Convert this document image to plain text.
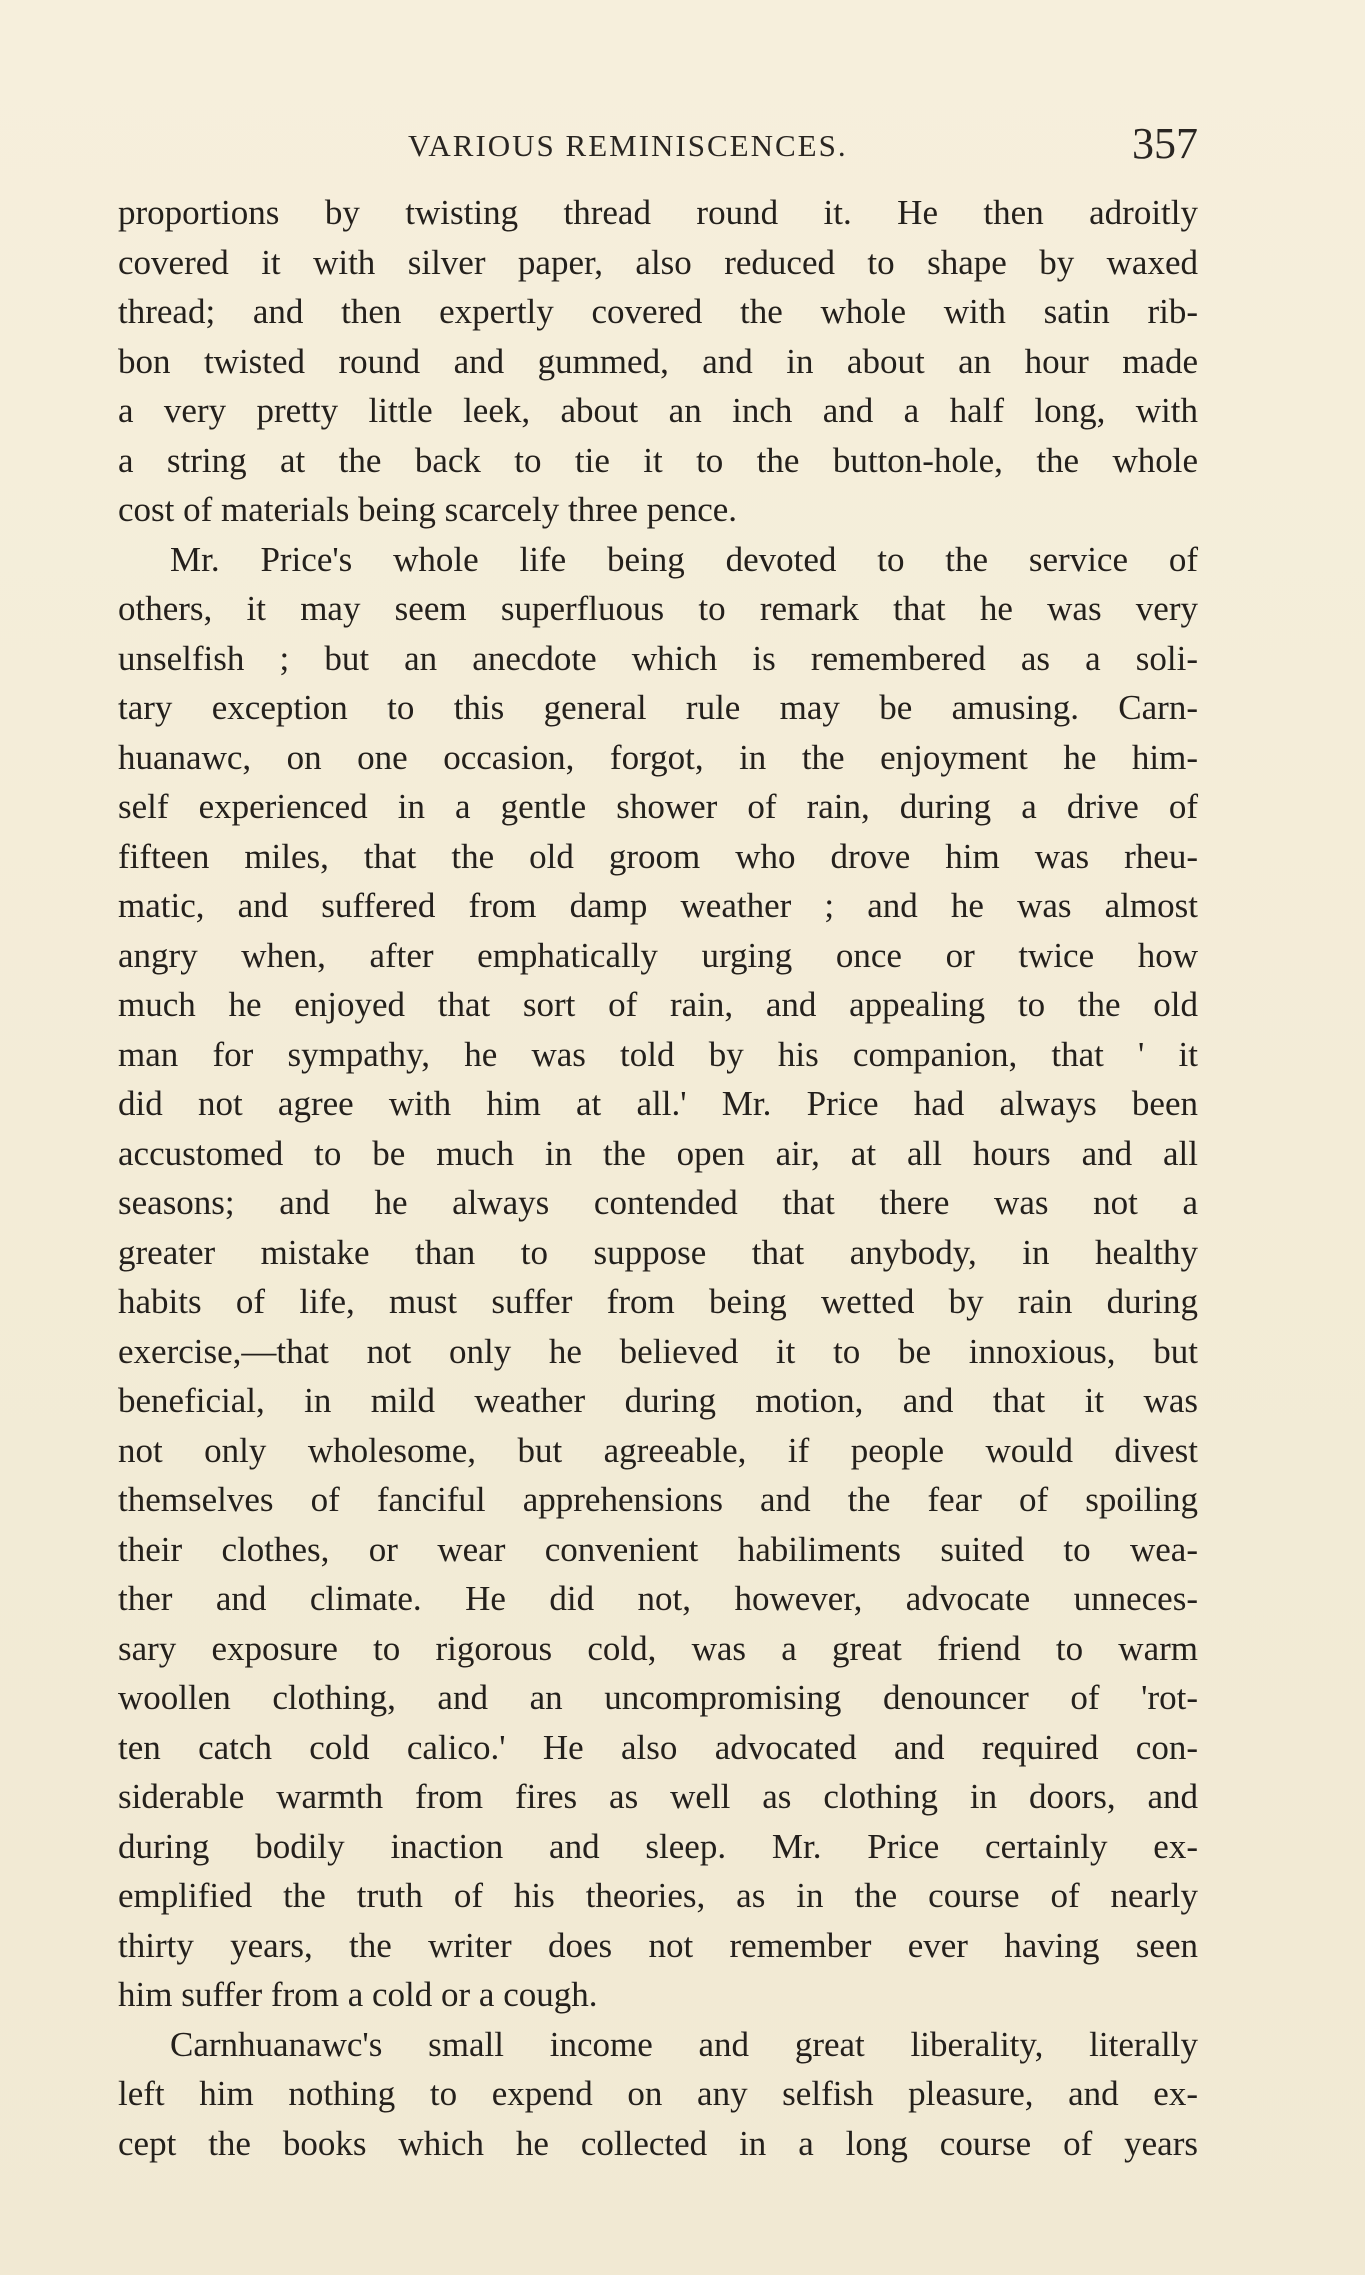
VARIOUS REMINISCENCES.	357
proportions by twisting thread round it. He then adroitly
covered it with silver paper, also reduced to shape by waxed
thread; and then expertly covered the whole with satin rib-
bon twisted round and gummed, and in about an hour made
a very pretty little leek, about an inch and a half long, with
a string at the back to tie it to the button-hole, the whole
cost of materials being scarcely three pence.
Mr. Price's whole life being devoted to the service of
others, it may seem superfluous to remark that he was very
unselfish ; but an anecdote which is remembered as a soli-
tary exception to this general rule may be amusing. Carn-
huanawc, on one occasion, forgot, in the enjoyment he him-
self experienced in a gentle shower of rain, during a drive of
fifteen miles, that the old groom who drove him was rheu-
matic, and suffered from damp weather ; and he was almost
angry when, after emphatically urging once or twice how
much he enjoyed that sort of rain, and appealing to the old
man for sympathy, he was told by his companion, that ' it
did not agree with him at all.' Mr. Price had always been
accustomed to be much in the open air, at all hours and all
seasons; and he always contended that there was not a
greater mistake than to suppose that anybody, in healthy
habits of life, must suffer from being wetted by rain during
exercise,—that not only he believed it to be innoxious, but
beneficial, in mild weather during motion, and that it was
not only wholesome, but agreeable, if people would divest
themselves of fanciful apprehensions and the fear of spoiling
their clothes, or wear convenient habiliments suited to wea-
ther and climate. He did not, however, advocate unneces-
sary exposure to rigorous cold, was a great friend to warm
woollen clothing, and an uncompromising denouncer of 'rot-
ten catch cold calico.' He also advocated and required con-
siderable warmth from fires as well as clothing in doors, and
during bodily inaction and sleep. Mr. Price certainly ex-
emplified the truth of his theories, as in the course of nearly
thirty years, the writer does not remember ever having seen
him suffer from a cold or a cough.
Carnhuanawc's small income and great liberality, literally
left him nothing to expend on any selfish pleasure, and ex-
cept the books which he collected in a long course of years
